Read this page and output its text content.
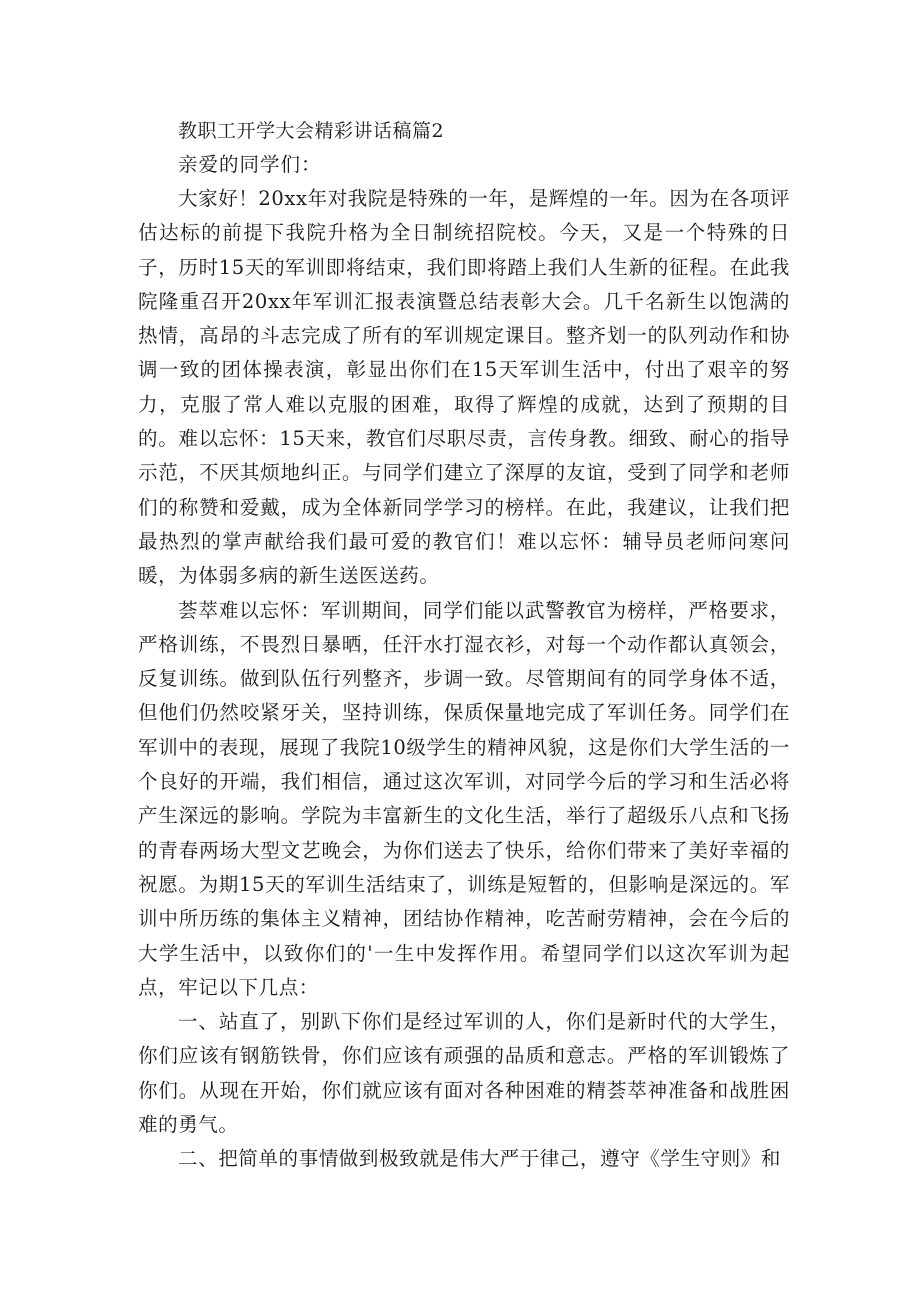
教职工开学大会精彩讲话稿篇2

亲爱的同学们：

大家好！20xx年对我院是特殊的一年，是辉煌的一年。因为在各项评估达标的前提下我院升格为全日制统招院校。今天，又是一个特殊的日子，历时15天的军训即将结束，我们即将踏上我们人生新的征程。在此我院隆重召开20xx年军训汇报表演暨总结表彰大会。几千名新生以饱满的热情，高昂的斗志完成了所有的军训规定课目。整齐划一的队列动作和协调一致的团体操表演，彰显出你们在15天军训生活中，付出了艰辛的努力，克服了常人难以克服的困难，取得了辉煌的成就，达到了预期的目的。难以忘怀：15天来，教官们尽职尽责，言传身教。细致、耐心的指导示范，不厌其烦地纠正。与同学们建立了深厚的友谊，受到了同学和老师们的称赞和爱戴，成为全体新同学学习的榜样。在此，我建议，让我们把最热烈的掌声献给我们最可爱的教官们！难以忘怀：辅导员老师问寒问暖，为体弱多病的新生送医送药。

荟萃难以忘怀：军训期间，同学们能以武警教官为榜样，严格要求，严格训练，不畏烈日暴晒，任汗水打湿衣衫，对每一个动作都认真领会，反复训练。做到队伍行列整齐，步调一致。尽管期间有的同学身体不适，但他们仍然咬紧牙关，坚持训练，保质保量地完成了军训任务。同学们在军训中的表现，展现了我院10级学生的精神风貌，这是你们大学生活的一个良好的开端，我们相信，通过这次军训，对同学今后的学习和生活必将产生深远的影响。学院为丰富新生的文化生活，举行了超级乐八点和飞扬的青春两场大型文艺晚会，为你们送去了快乐，给你们带来了美好幸福的祝愿。为期15天的军训生活结束了，训练是短暂的，但影响是深远的。军训中所历练的集体主义精神，团结协作精神，吃苦耐劳精神，会在今后的大学生活中，以致你们的'一生中发挥作用。希望同学们以这次军训为起点，牢记以下几点：

一、站直了，别趴下你们是经过军训的人，你们是新时代的大学生，你们应该有钢筋铁骨，你们应该有顽强的品质和意志。严格的军训锻炼了你们。从现在开始，你们就应该有面对各种困难的精荟萃神准备和战胜困难的勇气。

二、把简单的事情做到极致就是伟大严于律己，遵守《学生守则》和
